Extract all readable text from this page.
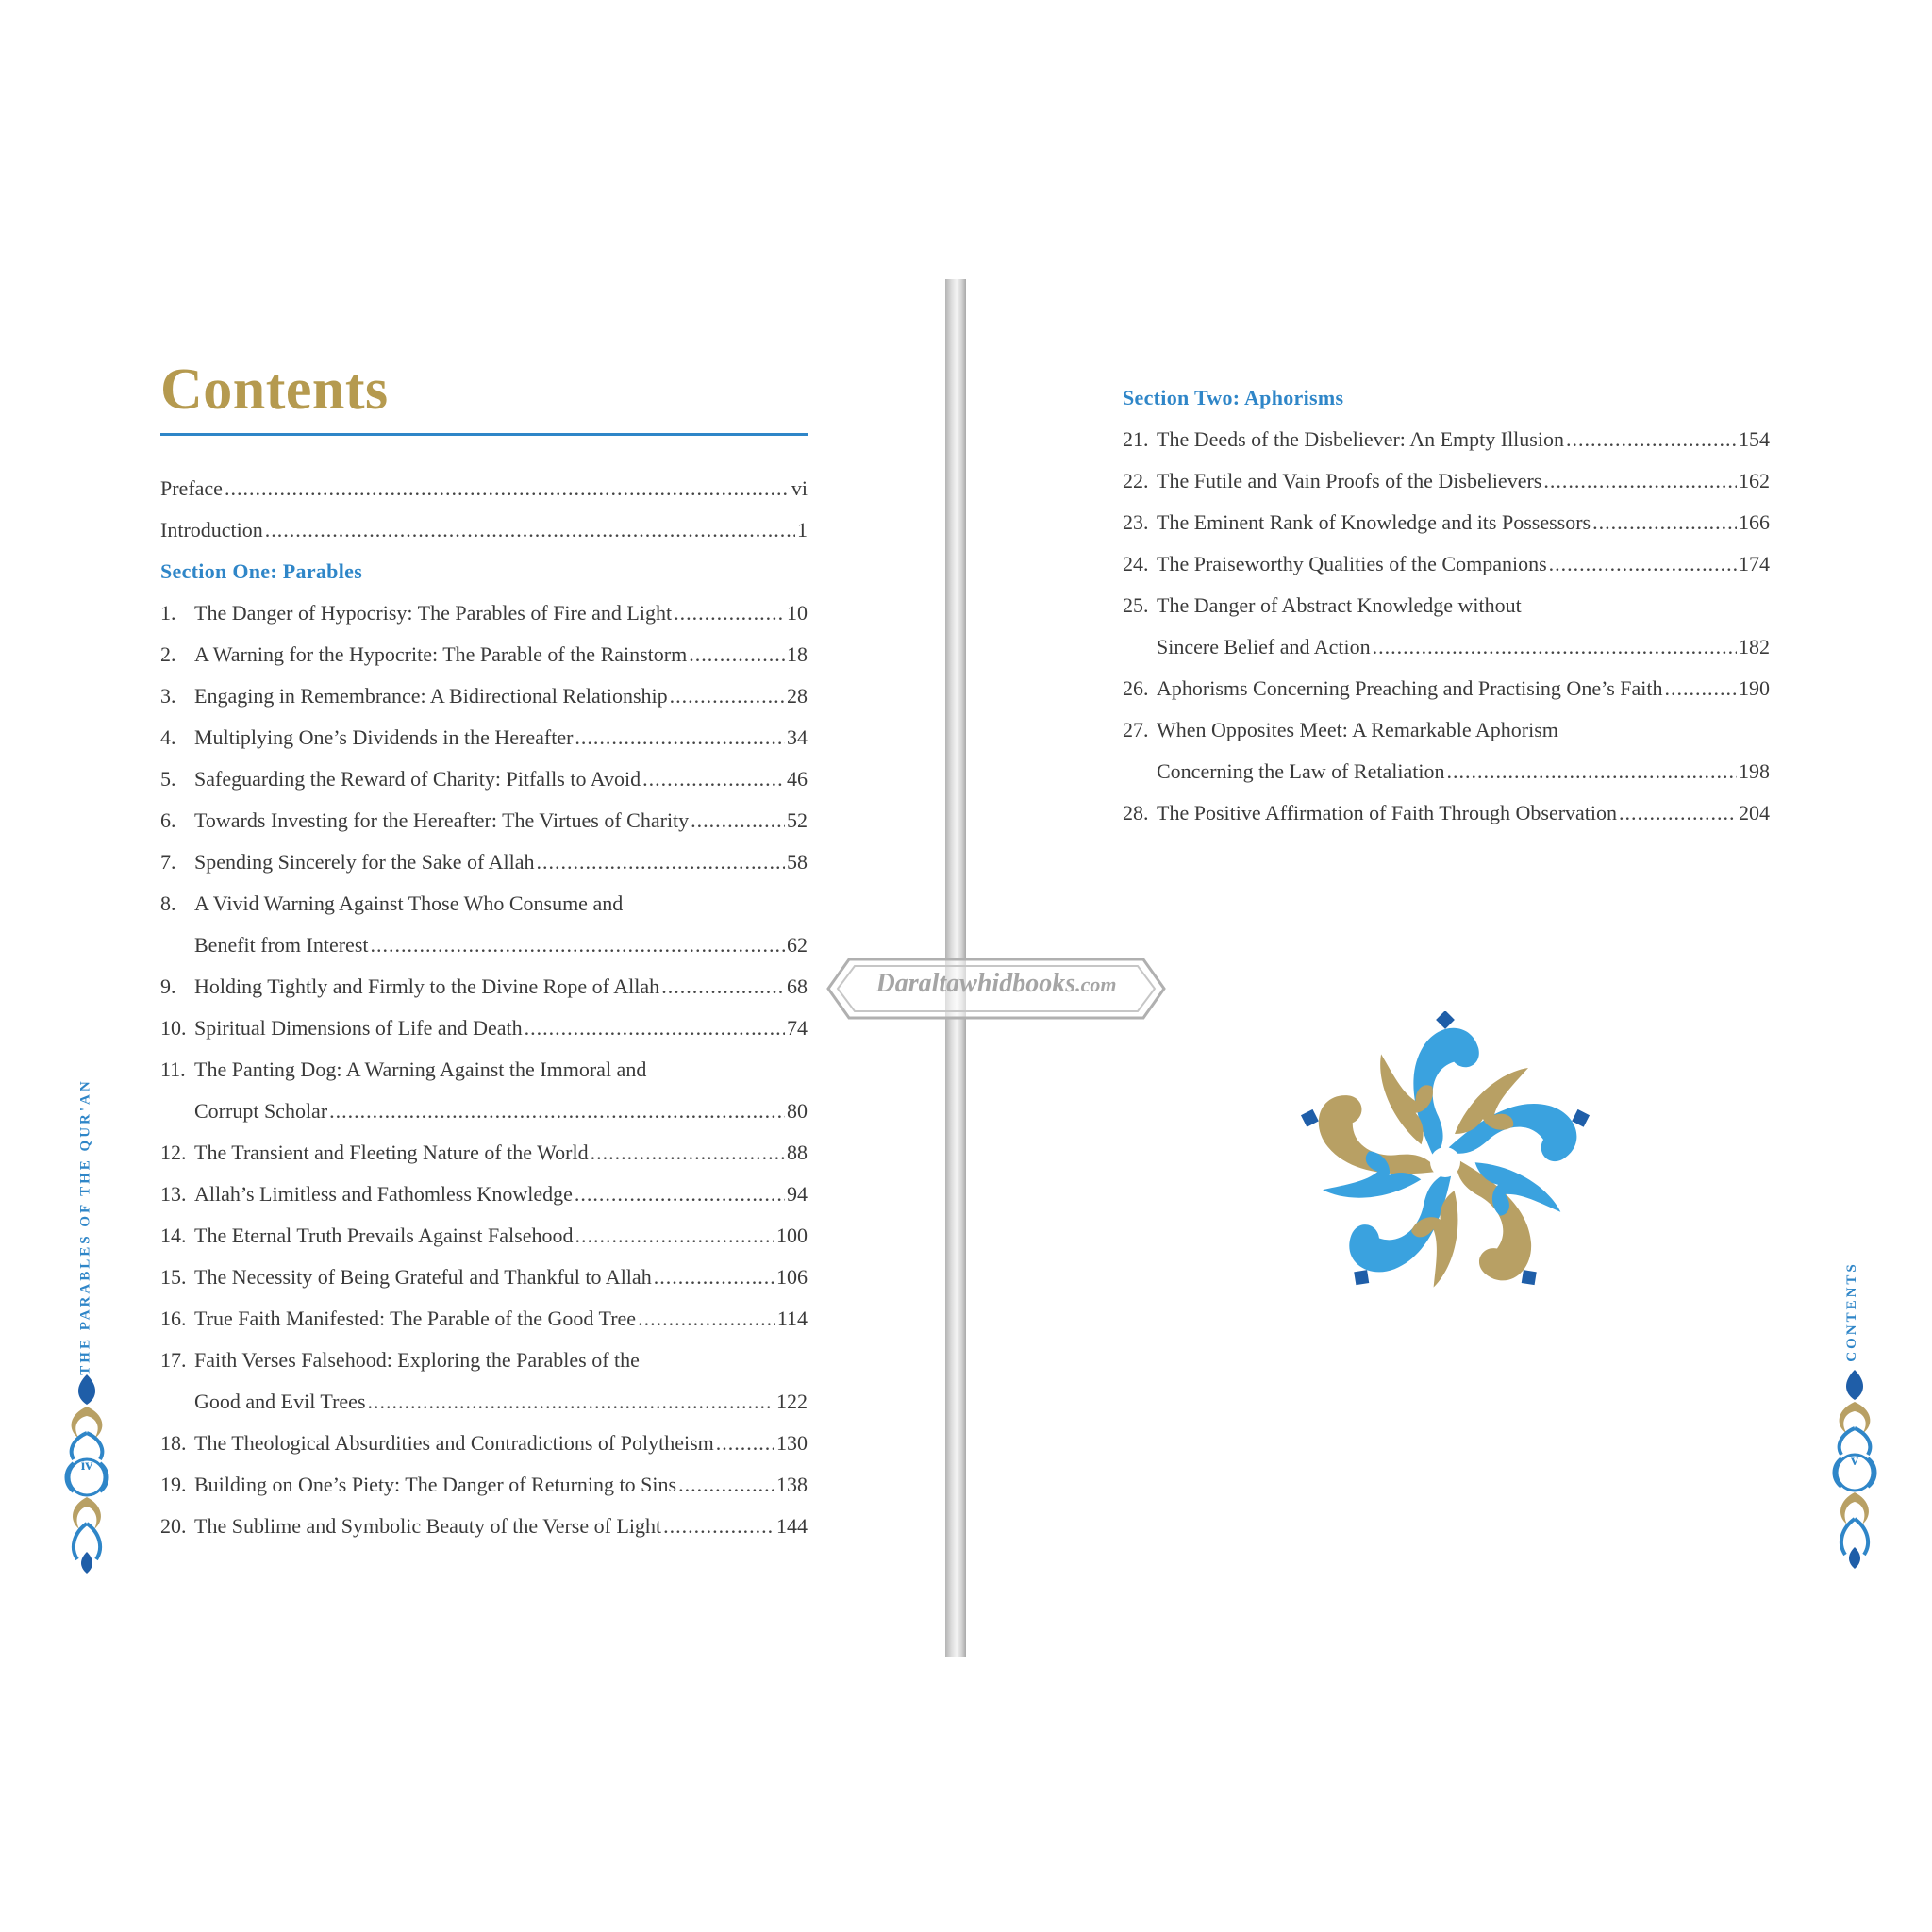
Contents
Preface .....	vi
Introduction .....	1
Section One: Parables
1. The Danger of Hypocrisy: The Parables of Fire and Light .....	10
2. A Warning for the Hypocrite: The Parable of the Rainstorm .....	18
3. Engaging in Remembrance: A Bidirectional Relationship .....	28
4. Multiplying One’s Dividends in the Hereafter .....	34
5. Safeguarding the Reward of Charity: Pitfalls to Avoid .....	46
6. Towards Investing for the Hereafter: The Virtues of Charity .....	52
7. Spending Sincerely for the Sake of Allah .....	58
8. A Vivid Warning Against Those Who Consume and
Benefit from Interest .....	62
9. Holding Tightly and Firmly to the Divine Rope of Allah .....	68
10. Spiritual Dimensions of Life and Death .....	74
11. The Panting Dog: A Warning Against the Immoral and
Corrupt Scholar .....	80
12. The Transient and Fleeting Nature of the World .....	88
13. Allah’s Limitless and Fathomless Knowledge .....	94
14. The Eternal Truth Prevails Against Falsehood .....	100
15. The Necessity of Being Grateful and Thankful to Allah .....	106
16. True Faith Manifested: The Parable of the Good Tree .....	114
17. Faith Verses Falsehood: Exploring the Parables of the
Good and Evil Trees .....	122
18. The Theological Absurdities and Contradictions of Polytheism .....	130
19. Building on One’s Piety: The Danger of Returning to Sins .....	138
20. The Sublime and Symbolic Beauty of the Verse of Light .....	144
THE PARABLES OF THE QUR'AN
iv
Section Two: Aphorisms
21. The Deeds of the Disbeliever: An Empty Illusion .....	154
22. The Futile and Vain Proofs of the Disbelievers .....	162
23. The Eminent Rank of Knowledge and its Possessors .....	166
24. The Praiseworthy Qualities of the Companions .....	174
25. The Danger of Abstract Knowledge without
Sincere Belief and Action .....	182
26. Aphorisms Concerning Preaching and Practising One’s Faith .....	190
27. When Opposites Meet: A Remarkable Aphorism
Concerning the Law of Retaliation .....	198
28. The Positive Affirmation of Faith Through Observation .....	204
CONTENTS
v
Daraltawhidbooks.com
